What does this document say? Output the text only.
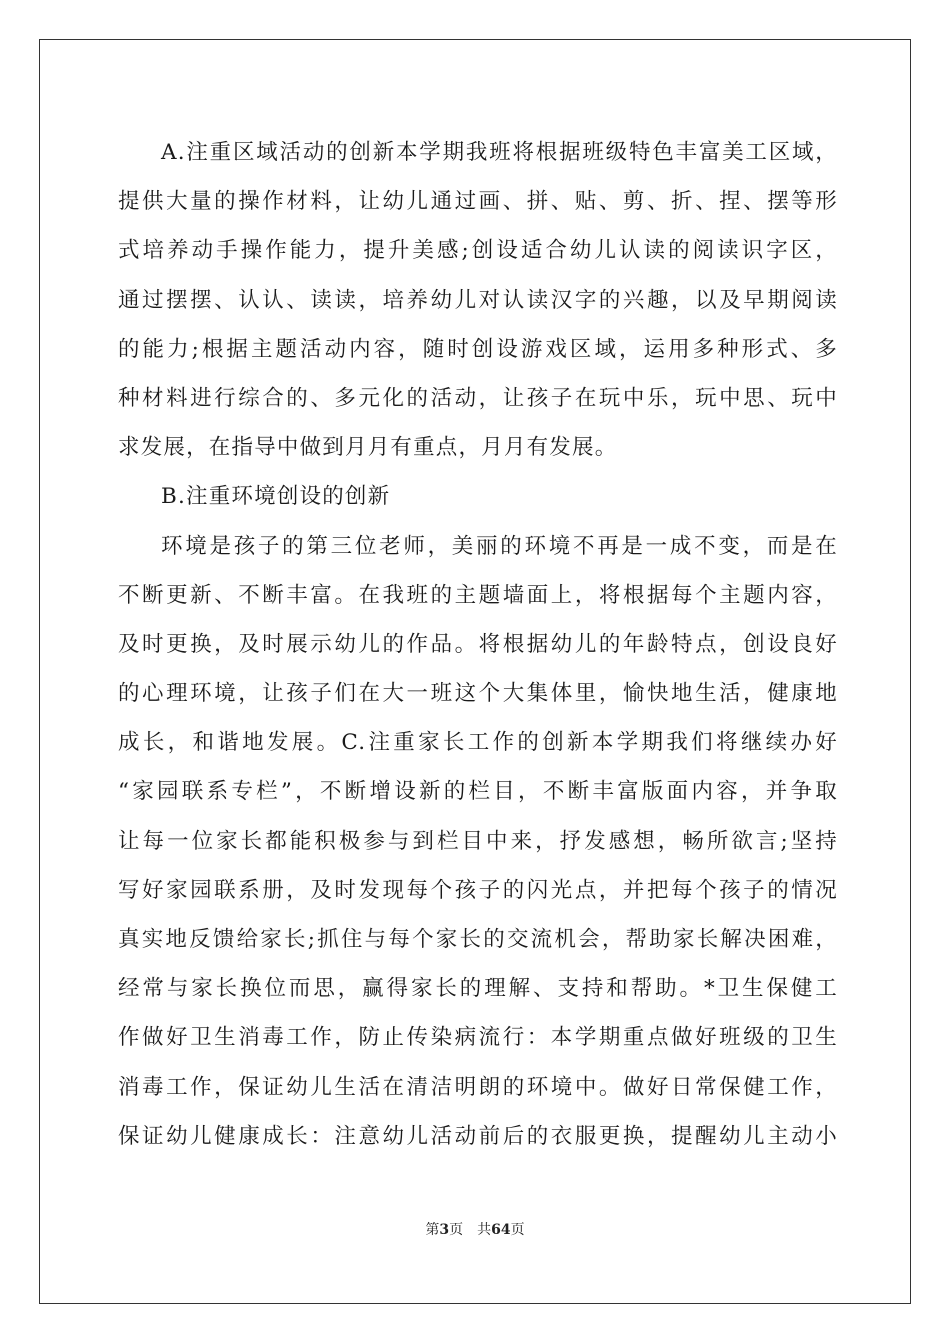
A.注重区域活动的创新本学期我班将根据班级特色丰富美工区域，
提供大量的操作材料，让幼儿通过画、拼、贴、剪、折、捏、摆等形
式培养动手操作能力，提升美感;创设适合幼儿认读的阅读识字区，
通过摆摆、认认、读读，培养幼儿对认读汉字的兴趣，以及早期阅读
的能力;根据主题活动内容，随时创设游戏区域，运用多种形式、多
种材料进行综合的、多元化的活动，让孩子在玩中乐，玩中思、玩中
求发展，在指导中做到月月有重点，月月有发展。
B.注重环境创设的创新
环境是孩子的第三位老师，美丽的环境不再是一成不变，而是在
不断更新、不断丰富。在我班的主题墙面上，将根据每个主题内容，
及时更换，及时展示幼儿的作品。将根据幼儿的年龄特点，创设良好
的心理环境，让孩子们在大一班这个大集体里，愉快地生活，健康地
成长，和谐地发展。C.注重家长工作的创新本学期我们将继续办好
“家园联系专栏”，不断增设新的栏目，不断丰富版面内容，并争取
让每一位家长都能积极参与到栏目中来，抒发感想，畅所欲言;坚持
写好家园联系册，及时发现每个孩子的闪光点，并把每个孩子的情况
真实地反馈给家长;抓住与每个家长的交流机会，帮助家长解决困难，
经常与家长换位而思，赢得家长的理解、支持和帮助。*卫生保健工
作做好卫生消毒工作，防止传染病流行：本学期重点做好班级的卫生
消毒工作，保证幼儿生活在清洁明朗的环境中。做好日常保健工作，
保证幼儿健康成长：注意幼儿活动前后的衣服更换，提醒幼儿主动小
第3页 共64页
